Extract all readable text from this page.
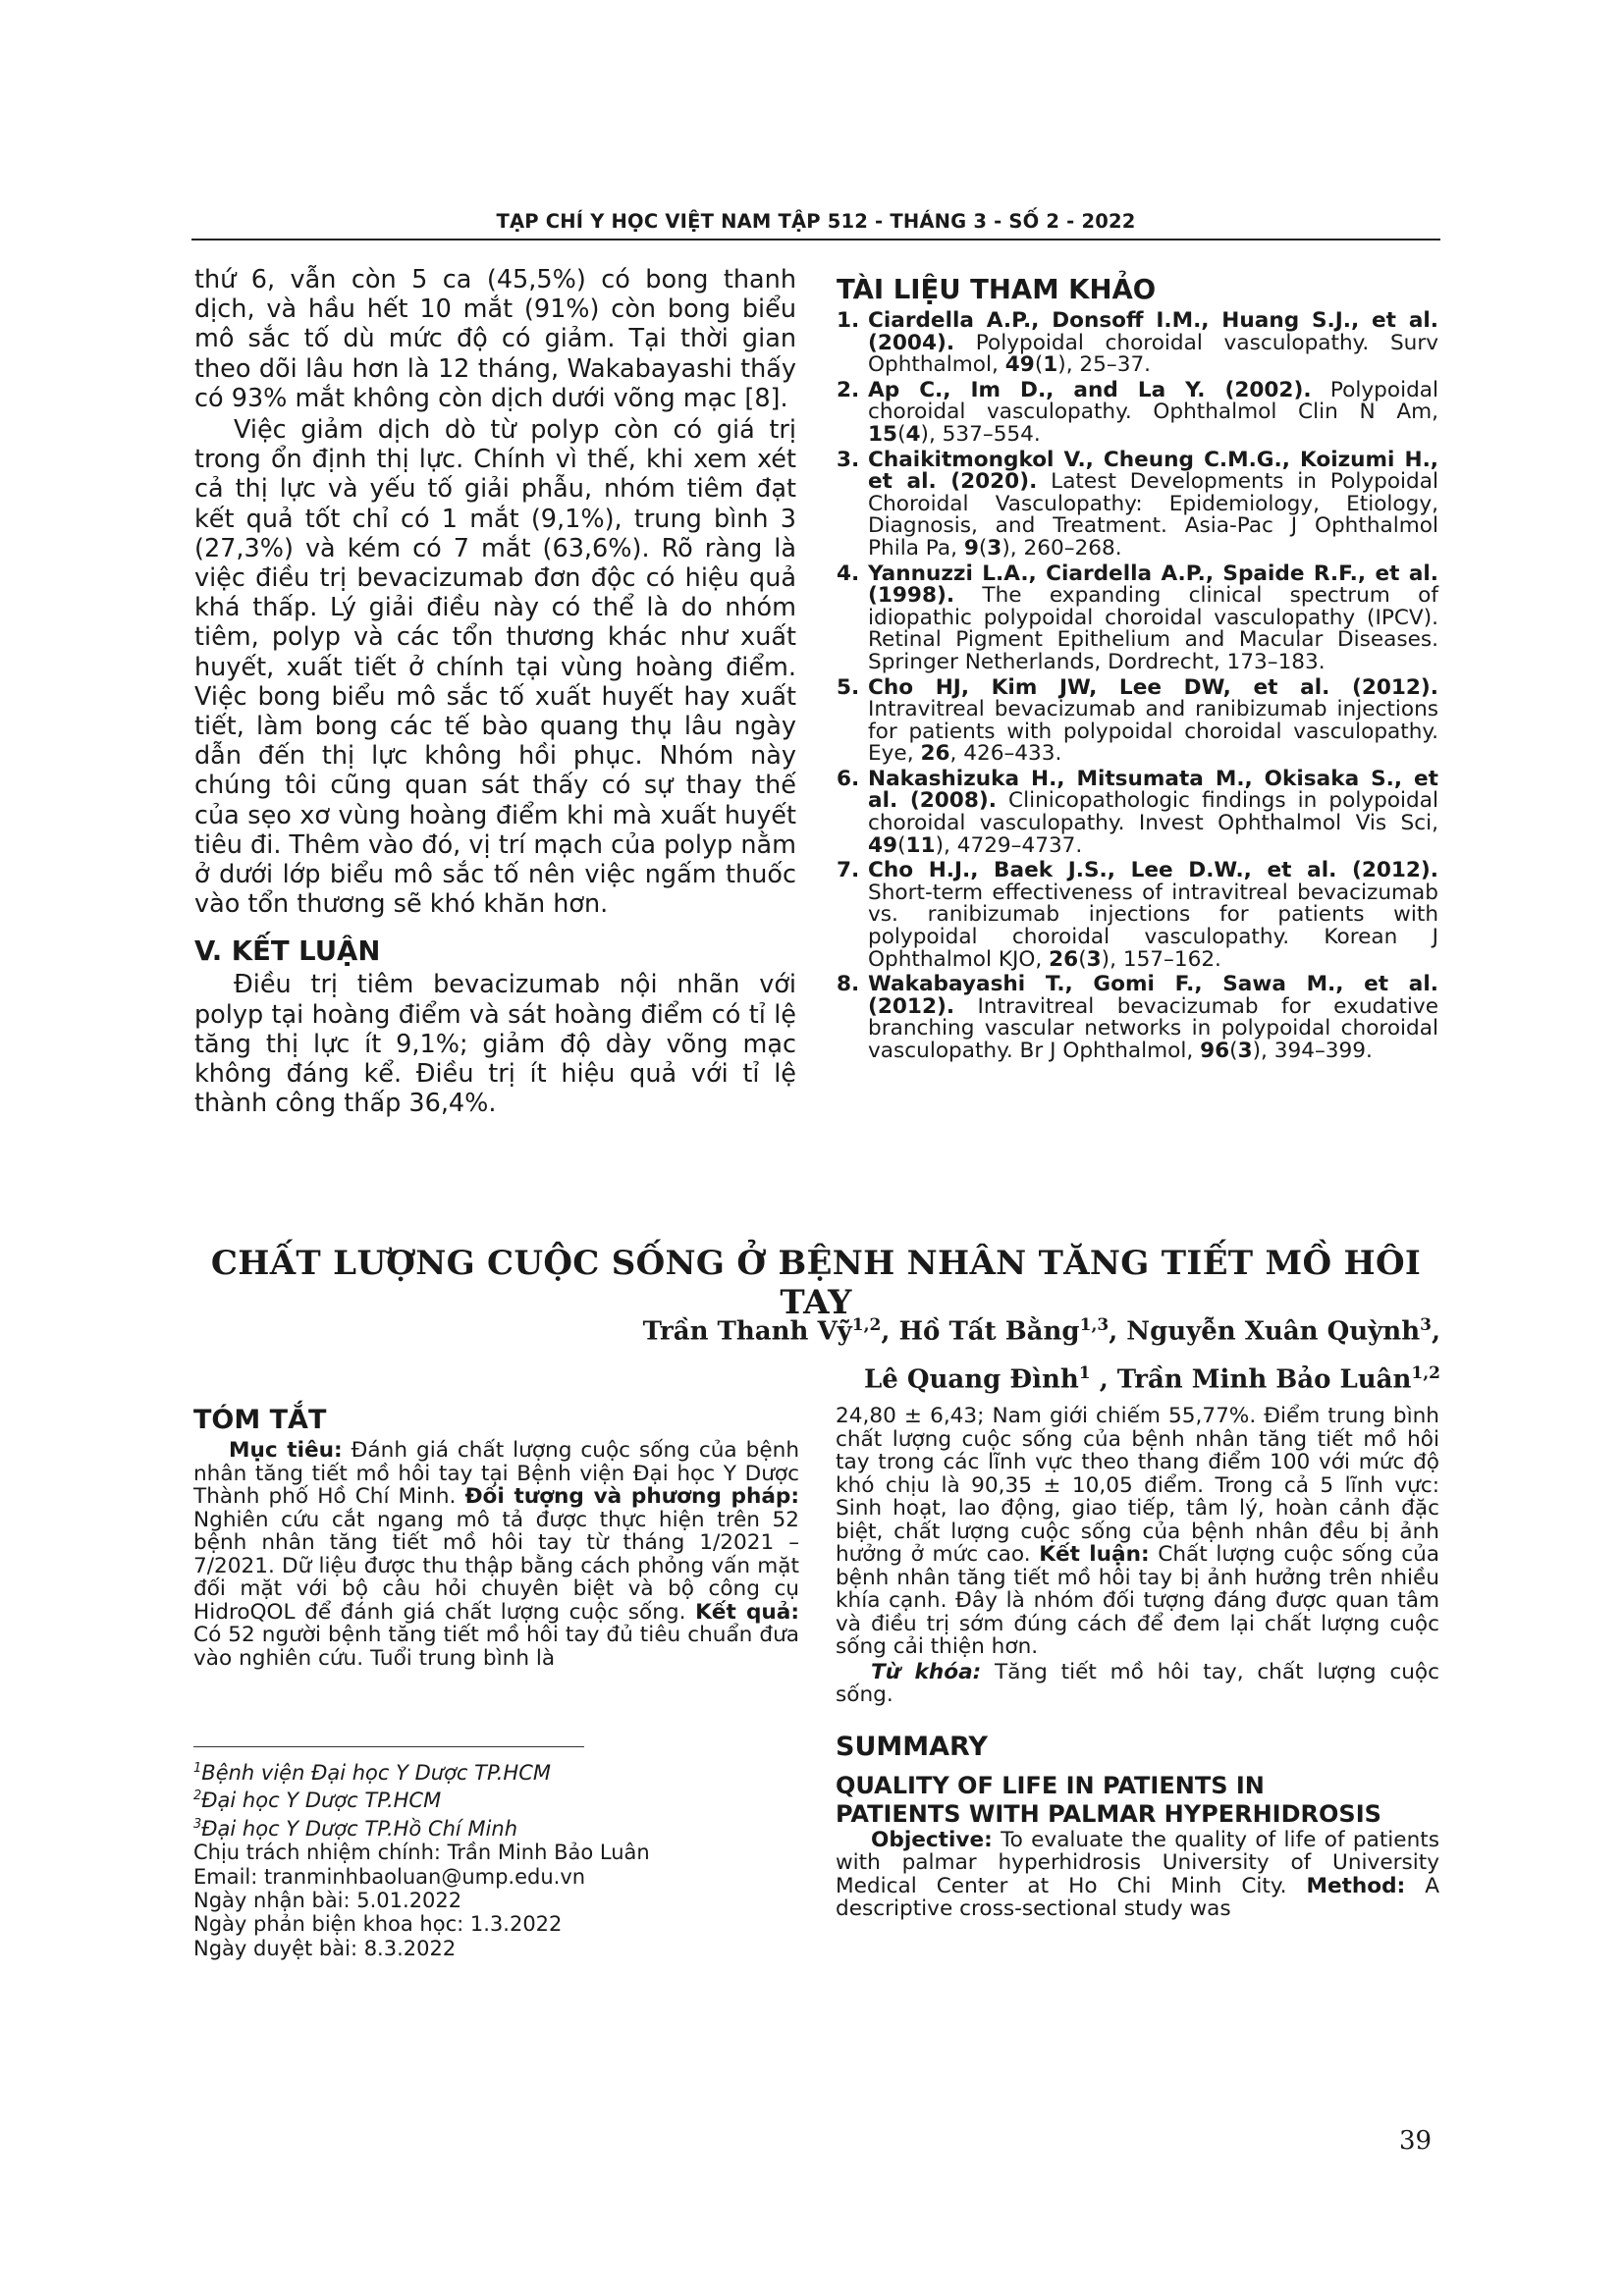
TẠP CHÍ Y HỌC VIỆT NAM TẬP 512 - THÁNG 3 - SỐ 2 - 2022

thứ 6, vẫn còn 5 ca (45,5%) có bong thanh dịch, và hầu hết 10 mắt (91%) còn bong biểu mô sắc tố dù mức độ có giảm. Tại thời gian theo dõi lâu hơn là 12 tháng, Wakabayashi thấy có 93% mắt không còn dịch dưới võng mạc [8].

Việc giảm dịch dò từ polyp còn có giá trị trong ổn định thị lực. Chính vì thế, khi xem xét cả thị lực và yếu tố giải phẫu, nhóm tiêm đạt kết quả tốt chỉ có 1 mắt (9,1%), trung bình 3 (27,3%) và kém có 7 mắt (63,6%). Rõ ràng là việc điều trị bevacizumab đơn độc có hiệu quả khá thấp. Lý giải điều này có thể là do nhóm tiêm, polyp và các tổn thương khác như xuất huyết, xuất tiết ở chính tại vùng hoàng điểm. Việc bong biểu mô sắc tố xuất huyết hay xuất tiết, làm bong các tế bào quang thụ lâu ngày dẫn đến thị lực không hồi phục. Nhóm này chúng tôi cũng quan sát thấy có sự thay thế của sẹo xơ vùng hoàng điểm khi mà xuất huyết tiêu đi. Thêm vào đó, vị trí mạch của polyp nằm ở dưới lớp biểu mô sắc tố nên việc ngấm thuốc vào tổn thương sẽ khó khăn hơn.

V. KẾT LUẬN

Điều trị tiêm bevacizumab nội nhãn với polyp tại hoàng điểm và sát hoàng điểm có tỉ lệ tăng thị lực ít 9,1%; giảm độ dày võng mạc không đáng kể. Điều trị ít hiệu quả với tỉ lệ thành công thấp 36,4%.

TÀI LIỆU THAM KHẢO

1. Ciardella A.P., Donsoff I.M., Huang S.J., et al. (2004). Polypoidal choroidal vasculopathy. Surv Ophthalmol, 49(1), 25–37.
2. Ap C., Im D., and La Y. (2002). Polypoidal choroidal vasculopathy. Ophthalmol Clin N Am, 15(4), 537–554.
3. Chaikitmongkol V., Cheung C.M.G., Koizumi H., et al. (2020). Latest Developments in Polypoidal Choroidal Vasculopathy: Epidemiology, Etiology, Diagnosis, and Treatment. Asia-Pac J Ophthalmol Phila Pa, 9(3), 260–268.
4. Yannuzzi L.A., Ciardella A.P., Spaide R.F., et al. (1998). The expanding clinical spectrum of idiopathic polypoidal choroidal vasculopathy (IPCV). Retinal Pigment Epithelium and Macular Diseases. Springer Netherlands, Dordrecht, 173–183.
5. Cho HJ, Kim JW, Lee DW, et al. (2012). Intravitreal bevacizumab and ranibizumab injections for patients with polypoidal choroidal vasculopathy. Eye, 26, 426–433.
6. Nakashizuka H., Mitsumata M., Okisaka S., et al. (2008). Clinicopathologic findings in polypoidal choroidal vasculopathy. Invest Ophthalmol Vis Sci, 49(11), 4729–4737.
7. Cho H.J., Baek J.S., Lee D.W., et al. (2012). Short-term effectiveness of intravitreal bevacizumab vs. ranibizumab injections for patients with polypoidal choroidal vasculopathy. Korean J Ophthalmol KJO, 26(3), 157–162.
8. Wakabayashi T., Gomi F., Sawa M., et al. (2012). Intravitreal bevacizumab for exudative branching vascular networks in polypoidal choroidal vasculopathy. Br J Ophthalmol, 96(3), 394–399.
CHẤT LƯỢNG CUỘC SỐNG Ở BỆNH NHÂN TĂNG TIẾT MỒ HÔI TAY
Trần Thanh Vỹ$^{1,2}$, Hồ Tất Bằng$^{1,3}$, Nguyễn Xuân Quỳnh$^3$,
Lê Quang Đình$^1$ , Trần Minh Bảo Luân$^{1,2}$

TÓM TẮT

Mục tiêu: Đánh giá chất lượng cuộc sống của bệnh nhân tăng tiết mồ hôi tay tại Bệnh viện Đại học Y Dược Thành phố Hồ Chí Minh. Đối tượng và phương pháp: Nghiên cứu cắt ngang mô tả được thực hiện trên 52 bệnh nhân tăng tiết mồ hôi tay từ tháng 1/2021 – 7/2021. Dữ liệu được thu thập bằng cách phỏng vấn mặt đối mặt với bộ câu hỏi chuyên biệt và bộ công cụ HidroQOL để đánh giá chất lượng cuộc sống. Kết quả: Có 52 người bệnh tăng tiết mồ hôi tay đủ tiêu chuẩn đưa vào nghiên cứu. Tuổi trung bình là

$^1$Bệnh viện Đại học Y Dược TP.HCM
$^2$Đại học Y Dược TP.HCM
$^3$Đại học Y Dược TP.Hồ Chí Minh
Chịu trách nhiệm chính: Trần Minh Bảo Luân
Email: tranminhbaoluan@ump.edu.vn
Ngày nhận bài: 5.01.2022
Ngày phản biện khoa học: 1.3.2022
Ngày duyệt bài: 8.3.2022

24,80 ± 6,43; Nam giới chiếm 55,77%. Điểm trung bình chất lượng cuộc sống của bệnh nhân tăng tiết mồ hôi tay trong các lĩnh vực theo thang điểm 100 với mức độ khó chịu là 90,35 ± 10,05 điểm. Trong cả 5 lĩnh vực: Sinh hoạt, lao động, giao tiếp, tâm lý, hoàn cảnh đặc biệt, chất lượng cuộc sống của bệnh nhân đều bị ảnh hưởng ở mức cao. Kết luận: Chất lượng cuộc sống của bệnh nhân tăng tiết mồ hôi tay bị ảnh hưởng trên nhiều khía cạnh. Đây là nhóm đối tượng đáng được quan tâm và điều trị sớm đúng cách để đem lại chất lượng cuộc sống cải thiện hơn.

Từ khóa: Tăng tiết mồ hôi tay, chất lượng cuộc sống.

SUMMARY

QUALITY OF LIFE IN PATIENTS IN

PATIENTS WITH PALMAR HYPERHIDROSIS

Objective: To evaluate the quality of life of patients with palmar hyperhidrosis University of University Medical Center at Ho Chi Minh City. Method: A descriptive cross-sectional study was

39
